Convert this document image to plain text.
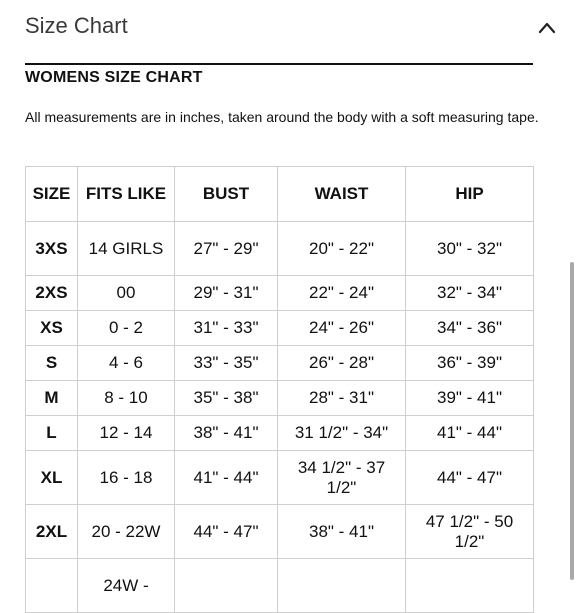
Size Chart
WOMENS SIZE CHART
All measurements are in inches, taken around the body with a soft measuring tape.
SIZE	FITS LIKE	BUST	WAIST	HIP
3XS	14 GIRLS	27" - 29"	20" - 22"	30" - 32"
2XS	00	29" - 31"	22" - 24"	32" - 34"
XS	0 - 2	31" - 33"	24" - 26"	34" - 36"
S	4 - 6	33" - 35"	26" - 28"	36" - 39"
M	8 - 10	35" - 38"	28" - 31"	39" - 41"
L	12 - 14	38" - 41"	31 1/2" - 34"	41" - 44"
XL	16 - 18	41" - 44"	34 1/2" - 37 1/2"	44" - 47"
2XL	20 - 22W	44" - 47"	38" - 41"	47 1/2" - 50 1/2"
	24W -			
